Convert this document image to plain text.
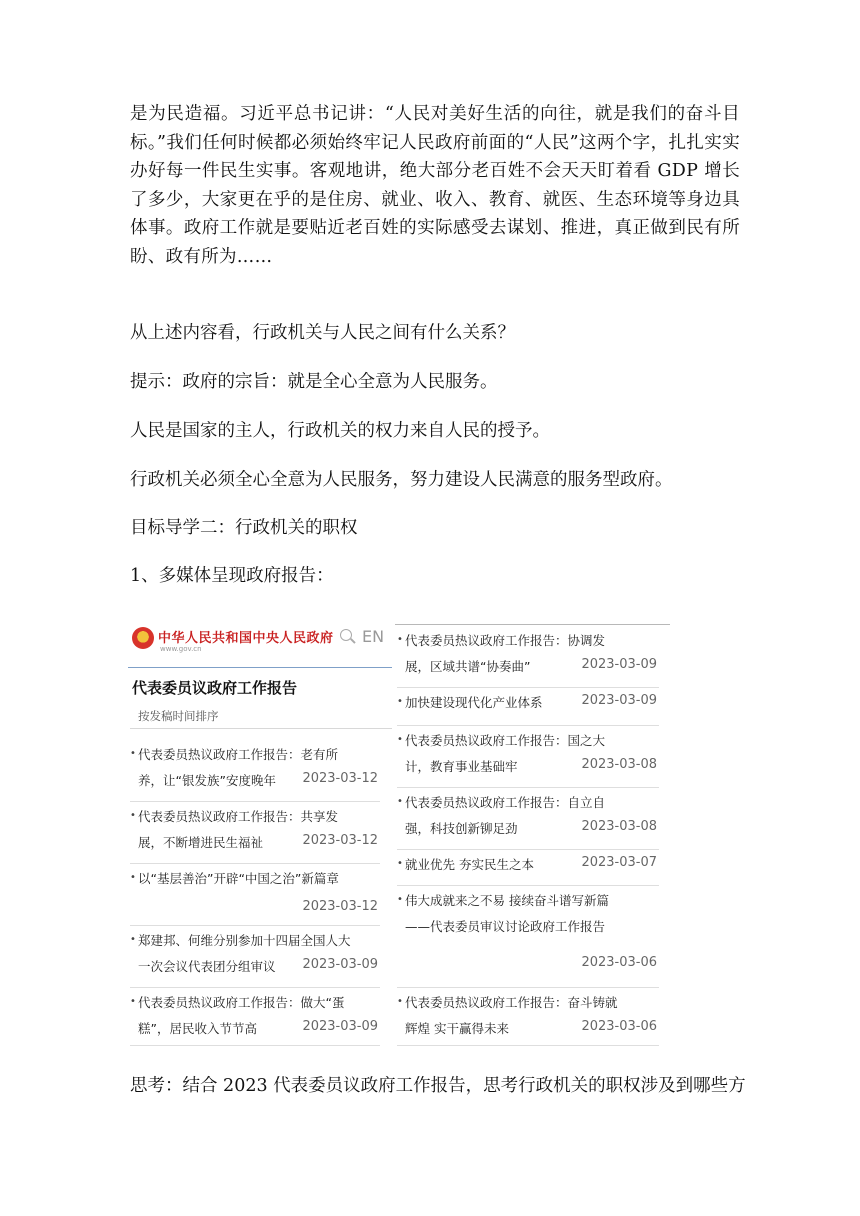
是为民造福。习近平总书记讲：“人民对美好生活的向往，就是我们的奋斗目标。”我们任何时候都必须始终牢记人民政府前面的“人民”这两个字，扎扎实实办好每一件民生实事。客观地讲，绝大部分老百姓不会天天盯着看 GDP 增长了多少，大家更在乎的是住房、就业、收入、教育、就医、生态环境等身边具体事。政府工作就是要贴近老百姓的实际感受去谋划、推进，真正做到民有所盼、政有所为……

从上述内容看，行政机关与人民之间有什么关系？

提示：政府的宗旨：就是全心全意为人民服务。

人民是国家的主人，行政机关的权力来自人民的授予。

行政机关必须全心全意为人民服务，努力建设人民满意的服务型政府。

目标导学二：行政机关的职权

1、多媒体呈现政府报告：

中华人民共和国中央人民政府
www.gov.cn
EN
代表委员议政府工作报告
按发稿时间排序
• 代表委员热议政府工作报告：老有所
养，让“银发族”安度晚年 2023-03-12
• 代表委员热议政府工作报告：共享发
展，不断增进民生福祉	2023-03-12
• 以“基层善治”开辟“中国之治”新篇章
2023-03-12
• 郑建邦、何维分别参加十四届全国人大
一次会议代表团分组审议 2023-03-09
• 代表委员热议政府工作报告：做大“蛋
糕”，居民收入节节高	2023-03-09
• 代表委员热议政府工作报告：协调发
展，区域共谱“协奏曲”	2023-03-09
• 加快建设现代化产业体系	2023-03-09
• 代表委员热议政府工作报告：国之大
计，教育事业基础牢	2023-03-08
• 代表委员热议政府工作报告：自立自
强，科技创新铆足劲	2023-03-08
• 就业优先 夯实民生之本	2023-03-07
• 伟大成就来之不易 接续奋斗谱写新篇
——代表委员审议讨论政府工作报告
2023-03-06
• 代表委员热议政府工作报告：奋斗铸就
辉煌 实干赢得未来	2023-03-06

思考：结合 2023 代表委员议政府工作报告，思考行政机关的职权涉及到哪些方
